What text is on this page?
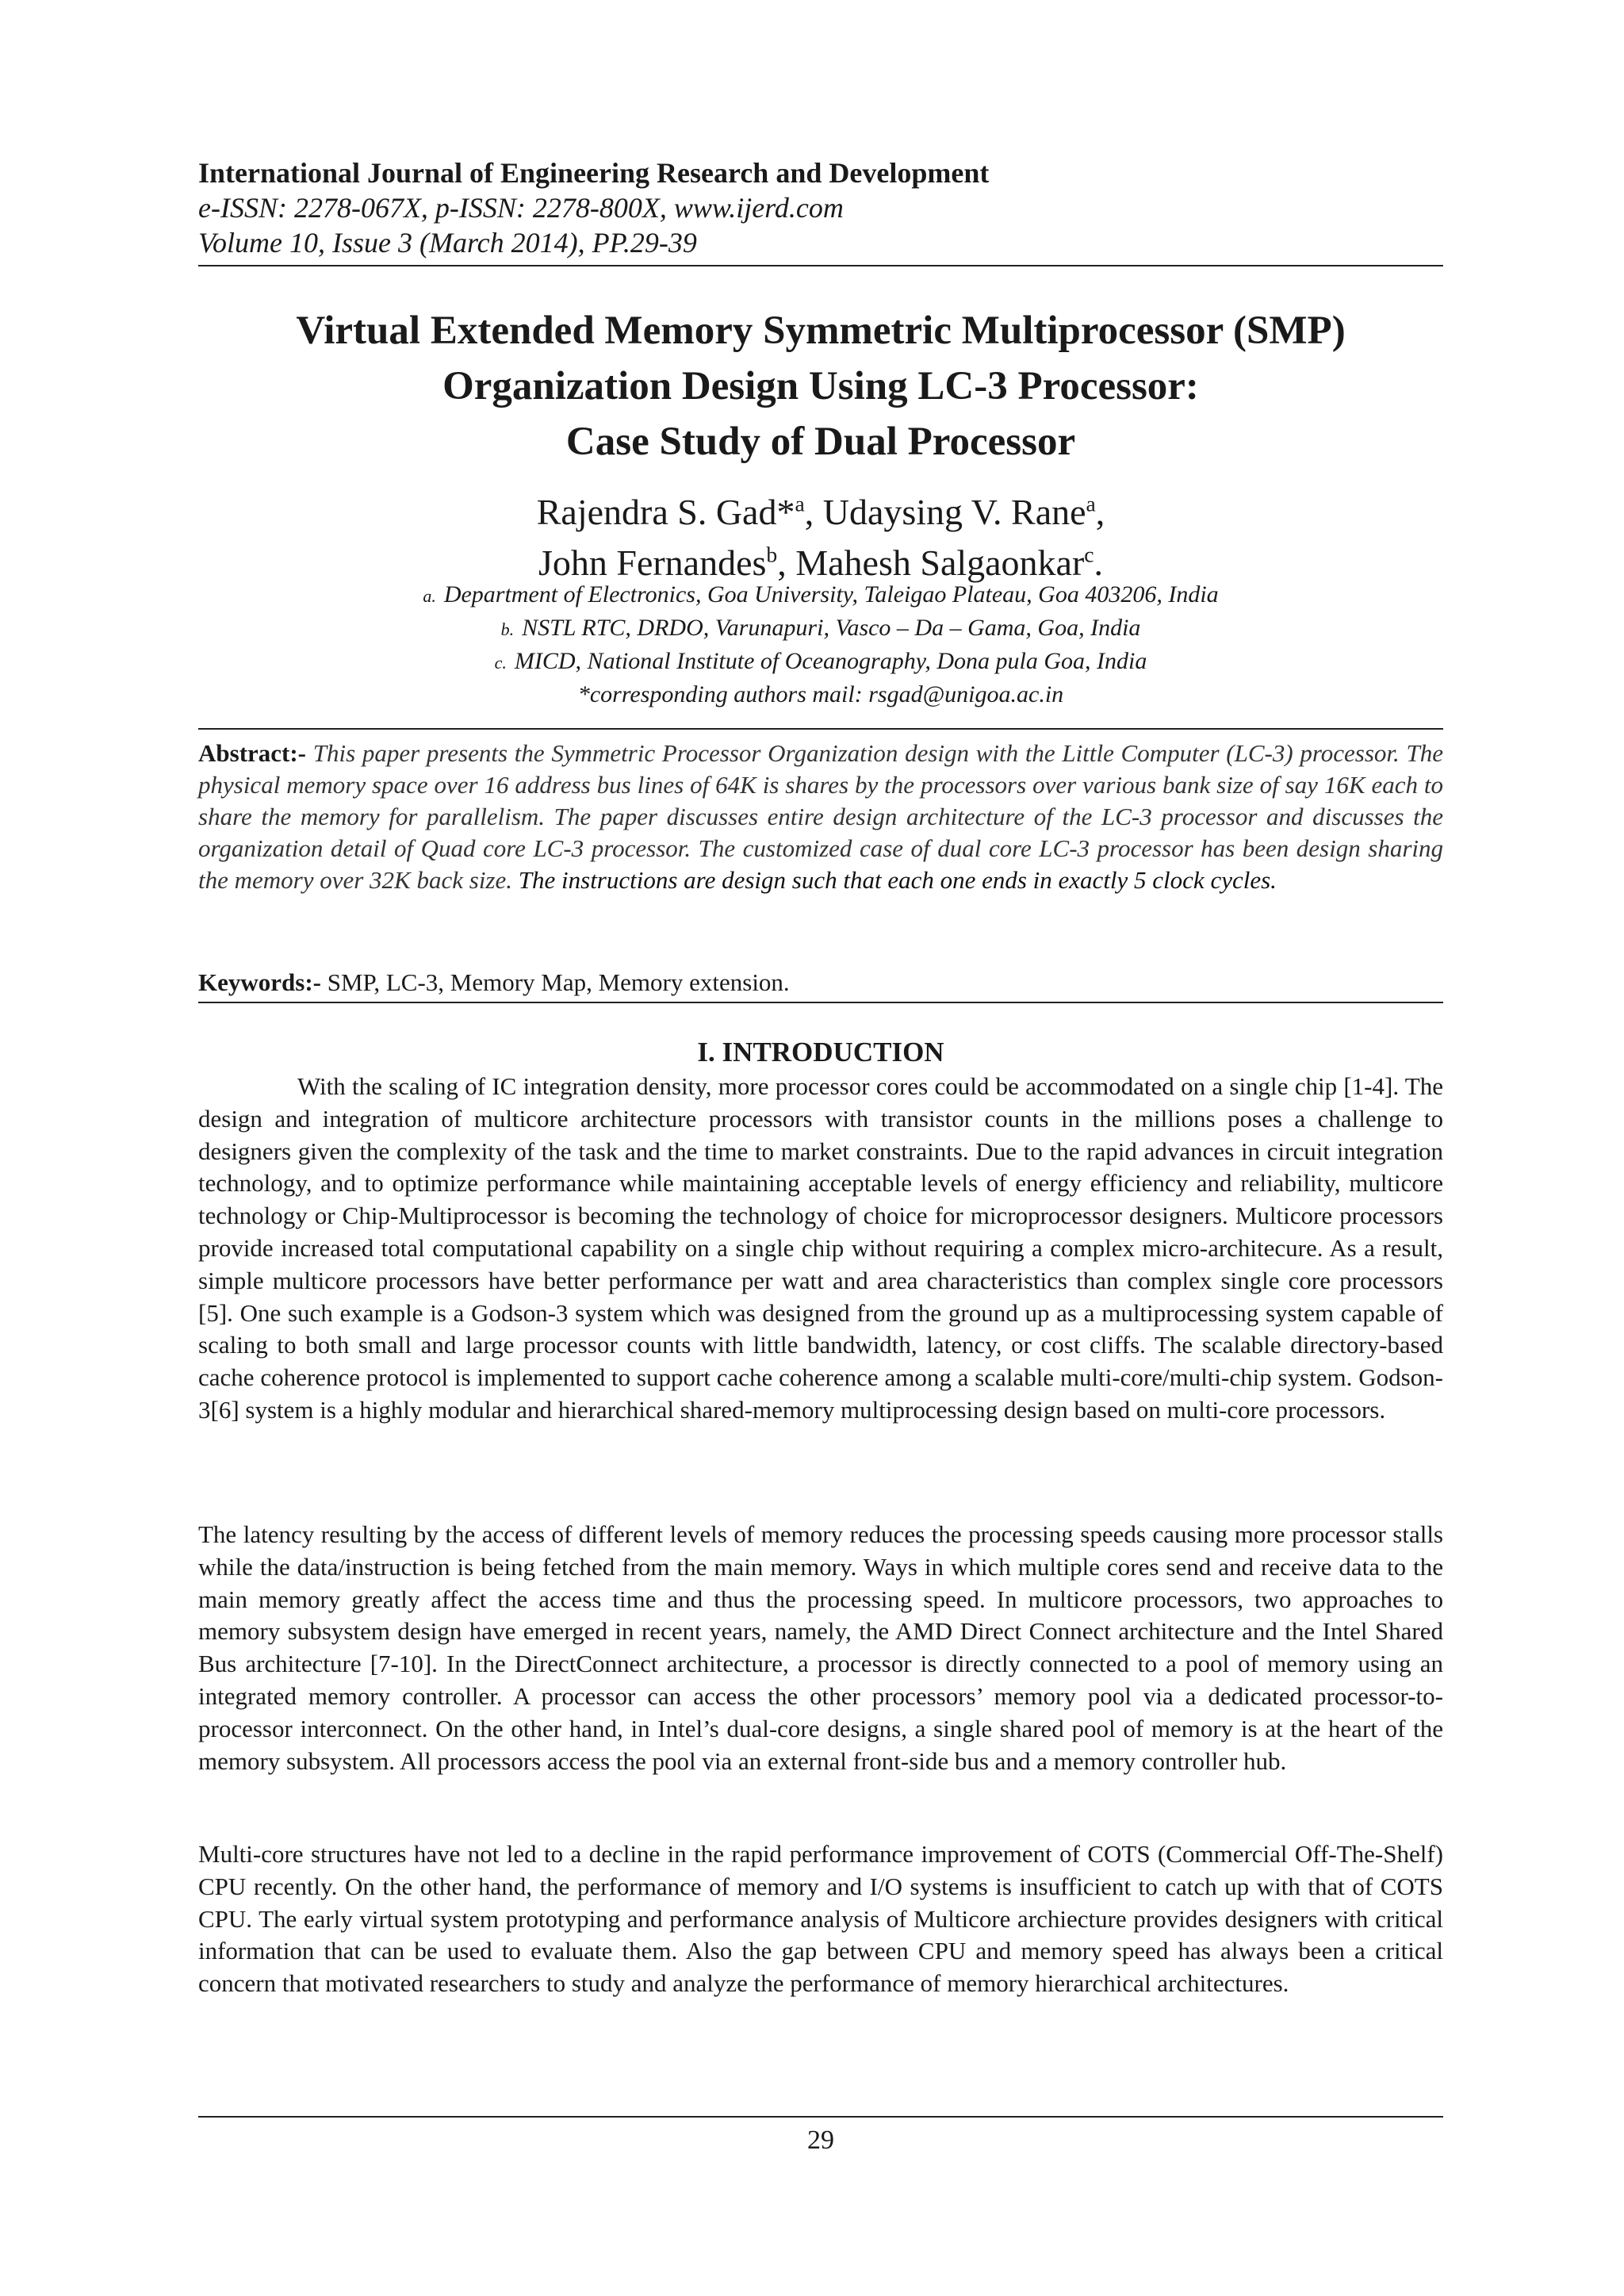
International Journal of Engineering Research and Development
e-ISSN: 2278-067X, p-ISSN: 2278-800X, www.ijerd.com
Volume 10, Issue 3 (March 2014), PP.29-39
Virtual Extended Memory Symmetric Multiprocessor (SMP)
Organization Design Using LC-3 Processor:
Case Study of Dual Processor
Rajendra S. Gad*$^a$, Udaysing V. Rane$^a$,
John Fernandes$^b$, Mahesh Salgaonkar$^c$.
a. Department of Electronics, Goa University, Taleigao Plateau, Goa 403206, India
b. NSTL RTC, DRDO, Varunapuri, Vasco – Da – Gama, Goa, India
c. MICD, National Institute of Oceanography, Dona pula Goa, India
*corresponding authors mail: rsgad@unigoa.ac.in
Abstract:- This paper presents the Symmetric Processor Organization design with the Little Computer (LC-3) processor. The physical memory space over 16 address bus lines of 64K is shares by the processors over various bank size of say 16K each to share the memory for parallelism. The paper discusses entire design architecture of the LC-3 processor and discusses the organization detail of Quad core LC-3 processor. The customized case of dual core LC-3 processor has been design sharing the memory over 32K back size. The instructions are design such that each one ends in exactly 5 clock cycles.
Keywords:- SMP, LC-3, Memory Map, Memory extension.
I. INTRODUCTION
With the scaling of IC integration density, more processor cores could be accommodated on a single chip [1-4]. The design and integration of multicore architecture processors with transistor counts in the millions poses a challenge to designers given the complexity of the task and the time to market constraints. Due to the rapid advances in circuit integration technology, and to optimize performance while maintaining acceptable levels of energy efficiency and reliability, multicore technology or Chip-Multiprocessor is becoming the technology of choice for microprocessor designers. Multicore processors provide increased total computational capability on a single chip without requiring a complex micro-architecure. As a result, simple multicore processors have better performance per watt and area characteristics than complex single core processors [5]. One such example is a Godson-3 system which was designed from the ground up as a multiprocessing system capable of scaling to both small and large processor counts with little bandwidth, latency, or cost cliffs. The scalable directory-based cache coherence protocol is implemented to support cache coherence among a scalable multi-core/multi-chip system. Godson-3[6] system is a highly modular and hierarchical shared-memory multiprocessing design based on multi-core processors.
The latency resulting by the access of different levels of memory reduces the processing speeds causing more processor stalls while the data/instruction is being fetched from the main memory. Ways in which multiple cores send and receive data to the main memory greatly affect the access time and thus the processing speed. In multicore processors, two approaches to memory subsystem design have emerged in recent years, namely, the AMD Direct Connect architecture and the Intel Shared Bus architecture [7-10]. In the DirectConnect architecture, a processor is directly connected to a pool of memory using an integrated memory controller. A processor can access the other processors’ memory pool via a dedicated processor-to-processor interconnect. On the other hand, in Intel’s dual-core designs, a single shared pool of memory is at the heart of the memory subsystem. All processors access the pool via an external front-side bus and a memory controller hub.
Multi-core structures have not led to a decline in the rapid performance improvement of COTS (Commercial Off-The-Shelf) CPU recently. On the other hand, the performance of memory and I/O systems is insufficient to catch up with that of COTS CPU. The early virtual system prototyping and performance analysis of Multicore archiecture provides designers with critical information that can be used to evaluate them. Also the gap between CPU and memory speed has always been a critical concern that motivated researchers to study and analyze the performance of memory hierarchical architectures.
29
